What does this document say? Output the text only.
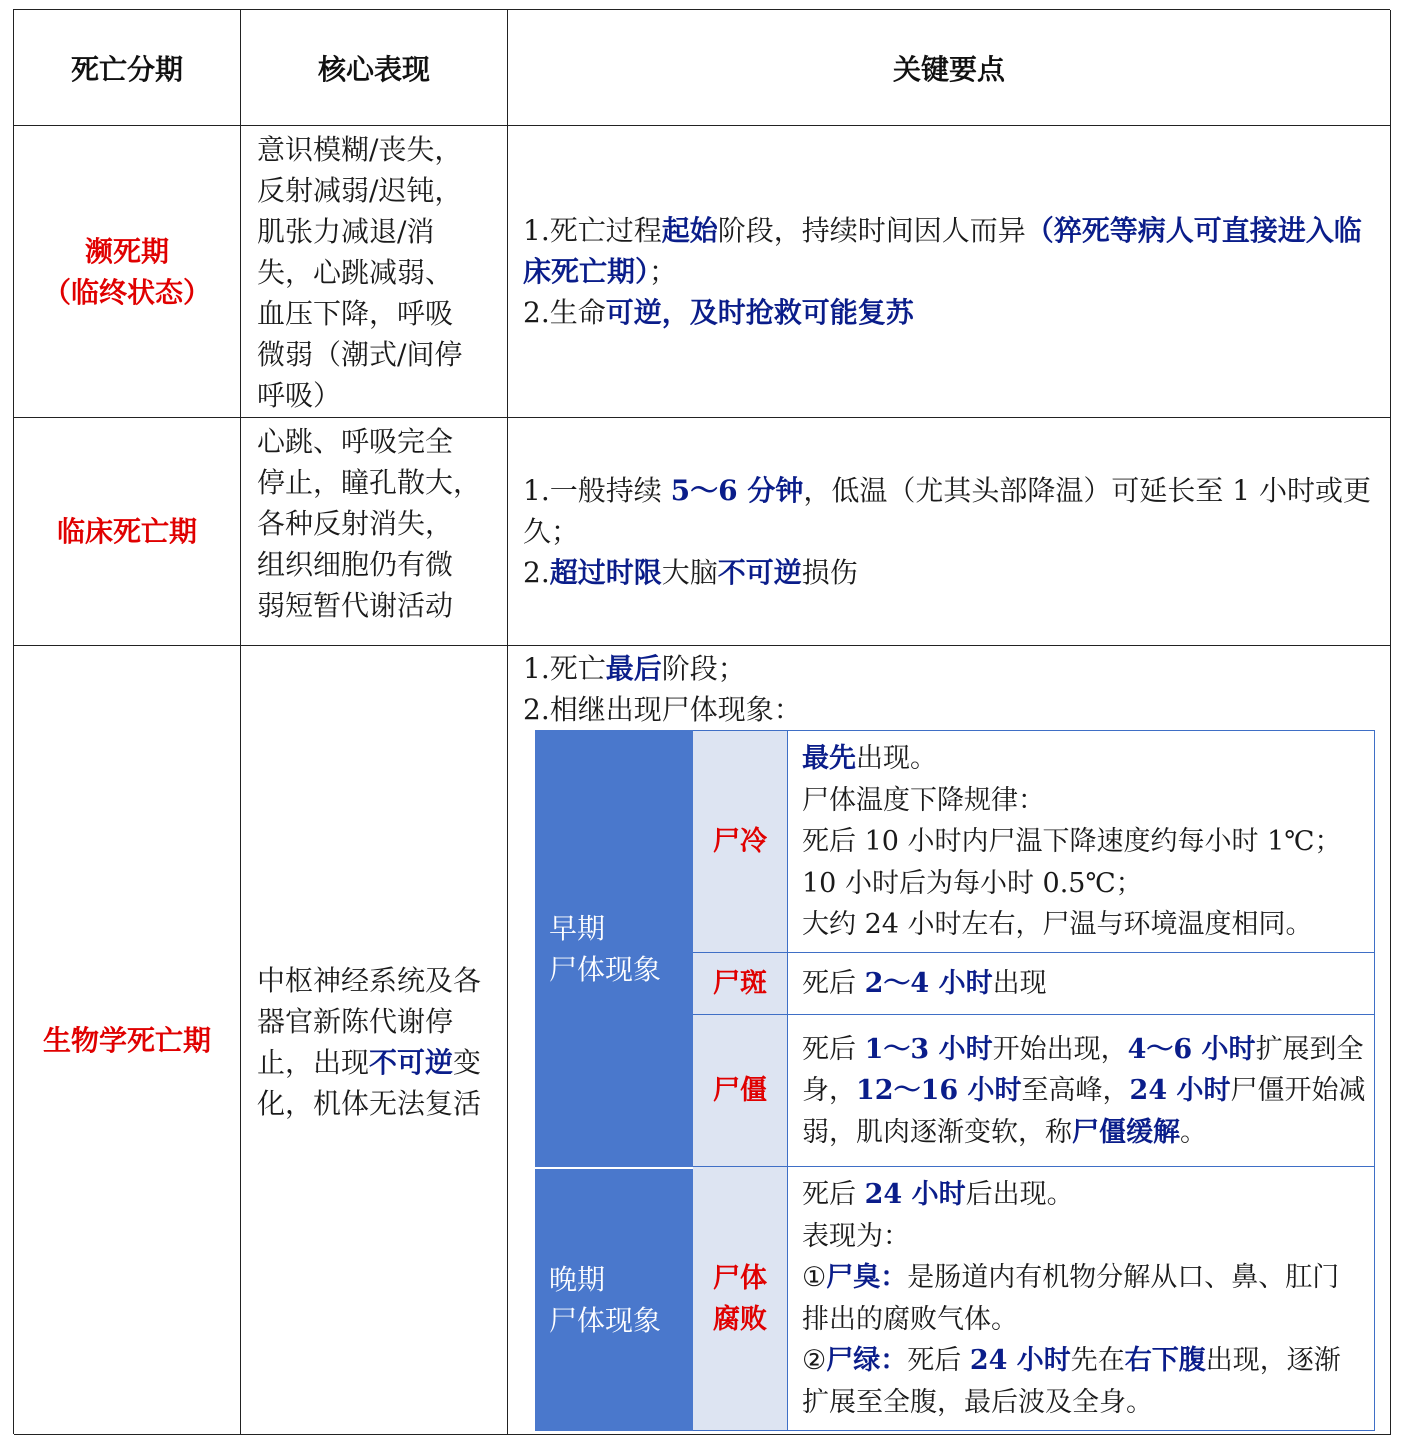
死亡分期	核心表现	关键要点
濒死期
（临终状态）
意识模糊/丧失，
反射减弱/迟钝，
肌张力减退/消
失，心跳减弱、
血压下降，呼吸
微弱（潮式/间停
呼吸）
1.死亡过程起始阶段，持续时间因人而异（猝死等病人可直接进入临床死亡期）；
2.生命可逆，及时抢救可能复苏
临床死亡期
心跳、呼吸完全
停止，瞳孔散大，
各种反射消失，
组织细胞仍有微
弱短暂代谢活动
1.一般持续 5～6 分钟，低温（尤其头部降温）可延长至 1 小时或更久；
2.超过时限大脑不可逆损伤
生物学死亡期
中枢神经系统及各器官新陈代谢停止，出现不可逆变化，机体无法复活
1.死亡最后阶段；
2.相继出现尸体现象：
早期
尸体现象
晚期
尸体现象
尸冷
尸斑
尸僵
尸体
腐败
最先出现。
尸体温度下降规律：
死后 10 小时内尸温下降速度约每小时 1℃；
10 小时后为每小时 0.5℃；
大约 24 小时左右，尸温与环境温度相同。
死后 2～4 小时出现
死后 1～3 小时开始出现，4～6 小时扩展到全身，12～16 小时至高峰，24 小时尸僵开始减弱，肌肉逐渐变软，称尸僵缓解。
死后 24 小时后出现。
表现为：
①尸臭：是肠道内有机物分解从口、鼻、肛门排出的腐败气体。
②尸绿：死后 24 小时先在右下腹出现，逐渐扩展至全腹，最后波及全身。
